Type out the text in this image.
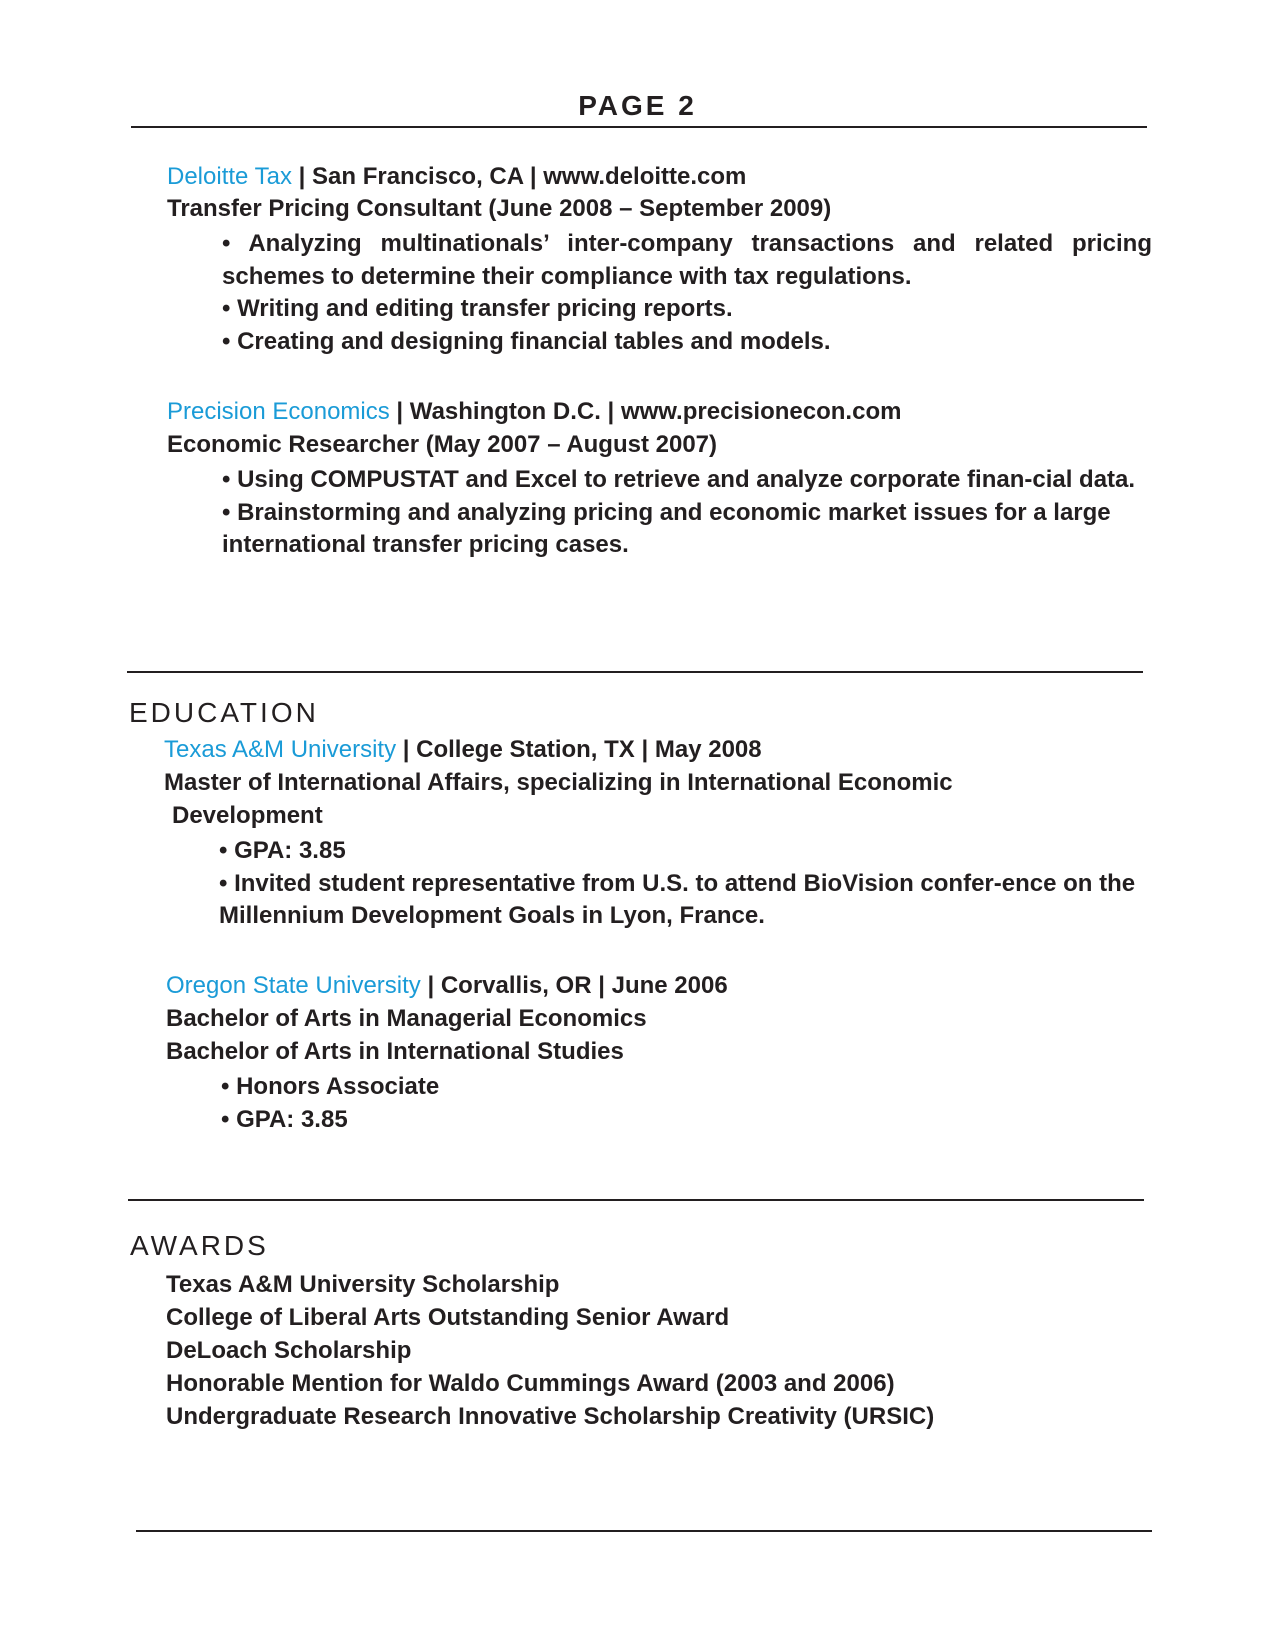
PAGE 2
Deloitte Tax | San Francisco, CA | www.deloitte.com
Transfer Pricing Consultant (June 2008 – September 2009)

• Analyzing multinationals’ inter-company transactions and related pricing schemes to determine their compliance with tax regulations.

• Writing and editing transfer pricing reports.

• Creating and designing financial tables and models.

Precision Economics | Washington D.C. | www.precisionecon.com
Economic Researcher (May 2007 – August 2007)

• Using COMPUSTAT and Excel to retrieve and analyze corporate finan-cial data.

• Brainstorming and analyzing pricing and economic market issues for a large international transfer pricing cases.

EDUCATION
Texas A&M University | College Station, TX | May 2008
Master of International Affairs, specializing in International Economic
Development

• GPA: 3.85

• Invited student representative from U.S. to attend BioVision confer-ence on the Millennium Development Goals in Lyon, France.

Oregon State University | Corvallis, OR | June 2006
Bachelor of Arts in Managerial Economics
Bachelor of Arts in International Studies

• Honors Associate

• GPA: 3.85

AWARDS

Texas A&M University Scholarship

College of Liberal Arts Outstanding Senior Award

DeLoach Scholarship

Honorable Mention for Waldo Cummings Award (2003 and 2006)

Undergraduate Research Innovative Scholarship Creativity (URSIC)
